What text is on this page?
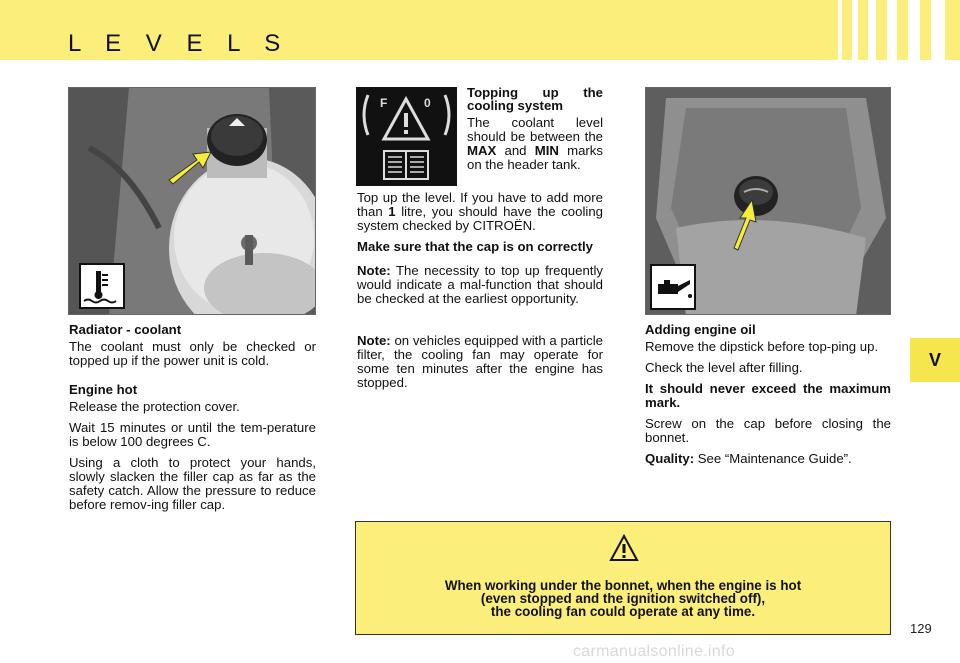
L E V E L S
V
F	0

Radiator - coolant

The coolant must only be checked or topped up if the power unit is cold.

Engine hot

Release the protection cover.

Wait 15 minutes or until the tem-perature is below 100 degrees C.

Using a cloth to protect your hands, slowly slacken the filler cap as far as the safety catch. Allow the pressure to reduce before remov-ing filler cap.

Topping up the cooling system

The coolant level should be between the MAX and MIN marks on the header tank.

Top up the level. If you have to add more than 1 litre, you should have the cooling system checked by CITROËN.

Make sure that the cap is on correctly

Note: The necessity to top up frequently would indicate a mal-function that should be checked at the earliest opportunity.

Note: on vehicles equipped with a particle filter, the cooling fan may operate for some ten minutes after the engine has stopped.

Adding engine oil

Remove the dipstick before top-ping up.

Check the level after filling.

It should never exceed the maximum mark.

Screw on the cap before closing the bonnet.

Quality: See “Maintenance Guide”.

When working under the bonnet, when the engine is hot
(even stopped and the ignition switched off),
the cooling fan could operate at any time.
129
carmanualsonline.info
